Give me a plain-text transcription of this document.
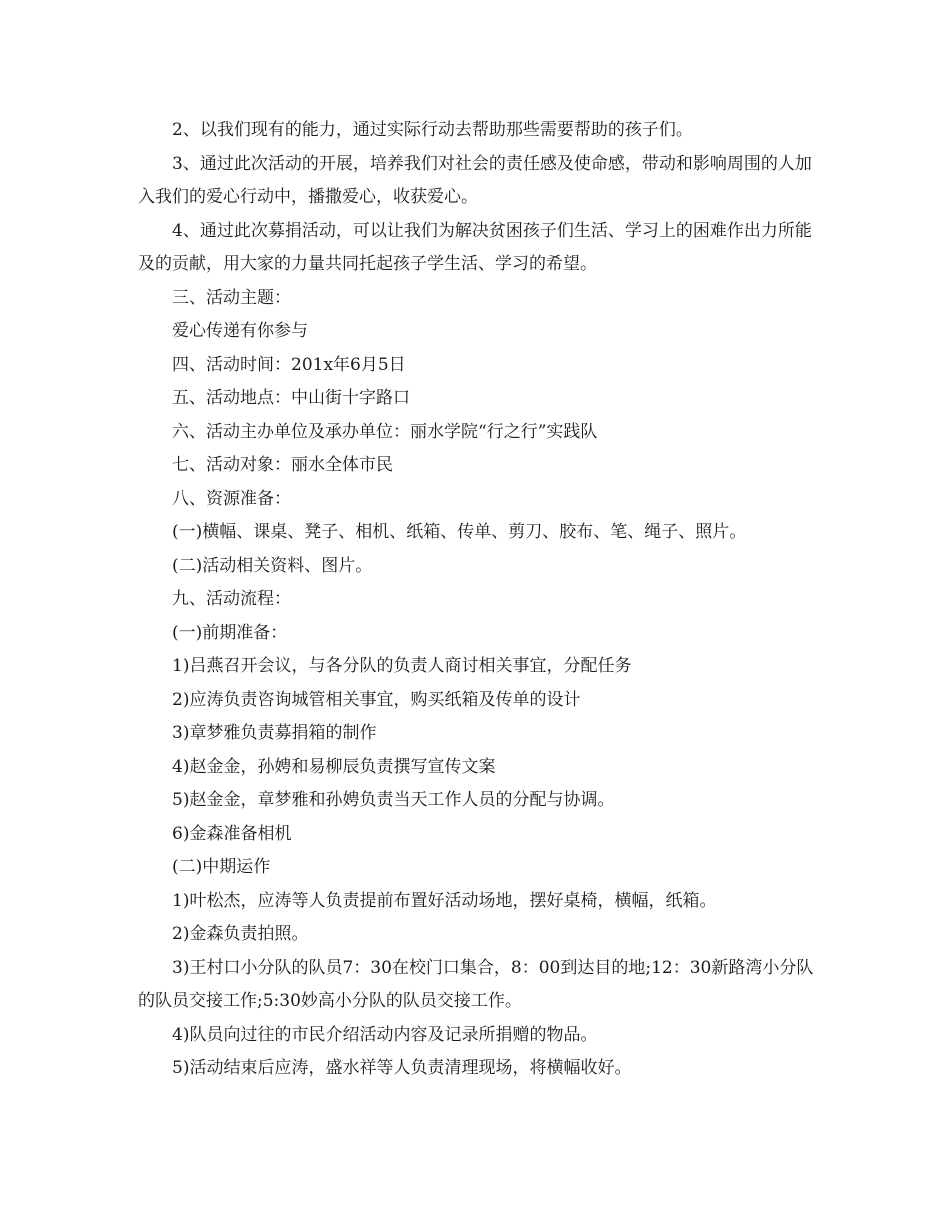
2、以我们现有的能力，通过实际行动去帮助那些需要帮助的孩子们。

3、通过此次活动的开展，培养我们对社会的责任感及使命感，带动和影响周围的人加入我们的爱心行动中，播撒爱心，收获爱心。

4、通过此次募捐活动，可以让我们为解决贫困孩子们生活、学习上的困难作出力所能及的贡献，用大家的力量共同托起孩子学生活、学习的希望。

三、活动主题：

爱心传递有你参与

四、活动时间：201x年6月5日

五、活动地点：中山街十字路口

六、活动主办单位及承办单位：丽水学院“行之行”实践队

七、活动对象：丽水全体市民

八、资源准备：

(一)横幅、课桌、凳子、相机、纸箱、传单、剪刀、胶布、笔、绳子、照片。

(二)活动相关资料、图片。

九、活动流程：

(一)前期准备：

1)吕燕召开会议，与各分队的负责人商讨相关事宜，分配任务

2)应涛负责咨询城管相关事宜，购买纸箱及传单的设计

3)章梦雅负责募捐箱的制作

4)赵金金，孙娉和易柳辰负责撰写宣传文案

5)赵金金，章梦雅和孙娉负责当天工作人员的分配与协调。

6)金森准备相机

(二)中期运作

1)叶松杰，应涛等人负责提前布置好活动场地，摆好桌椅，横幅，纸箱。

2)金森负责拍照。

3)王村口小分队的队员7：30在校门口集合，8：00到达目的地;12：30新路湾小分队的队员交接工作;5:30妙高小分队的队员交接工作。

4)队员向过往的市民介绍活动内容及记录所捐赠的物品。

5)活动结束后应涛，盛水祥等人负责清理现场，将横幅收好。
